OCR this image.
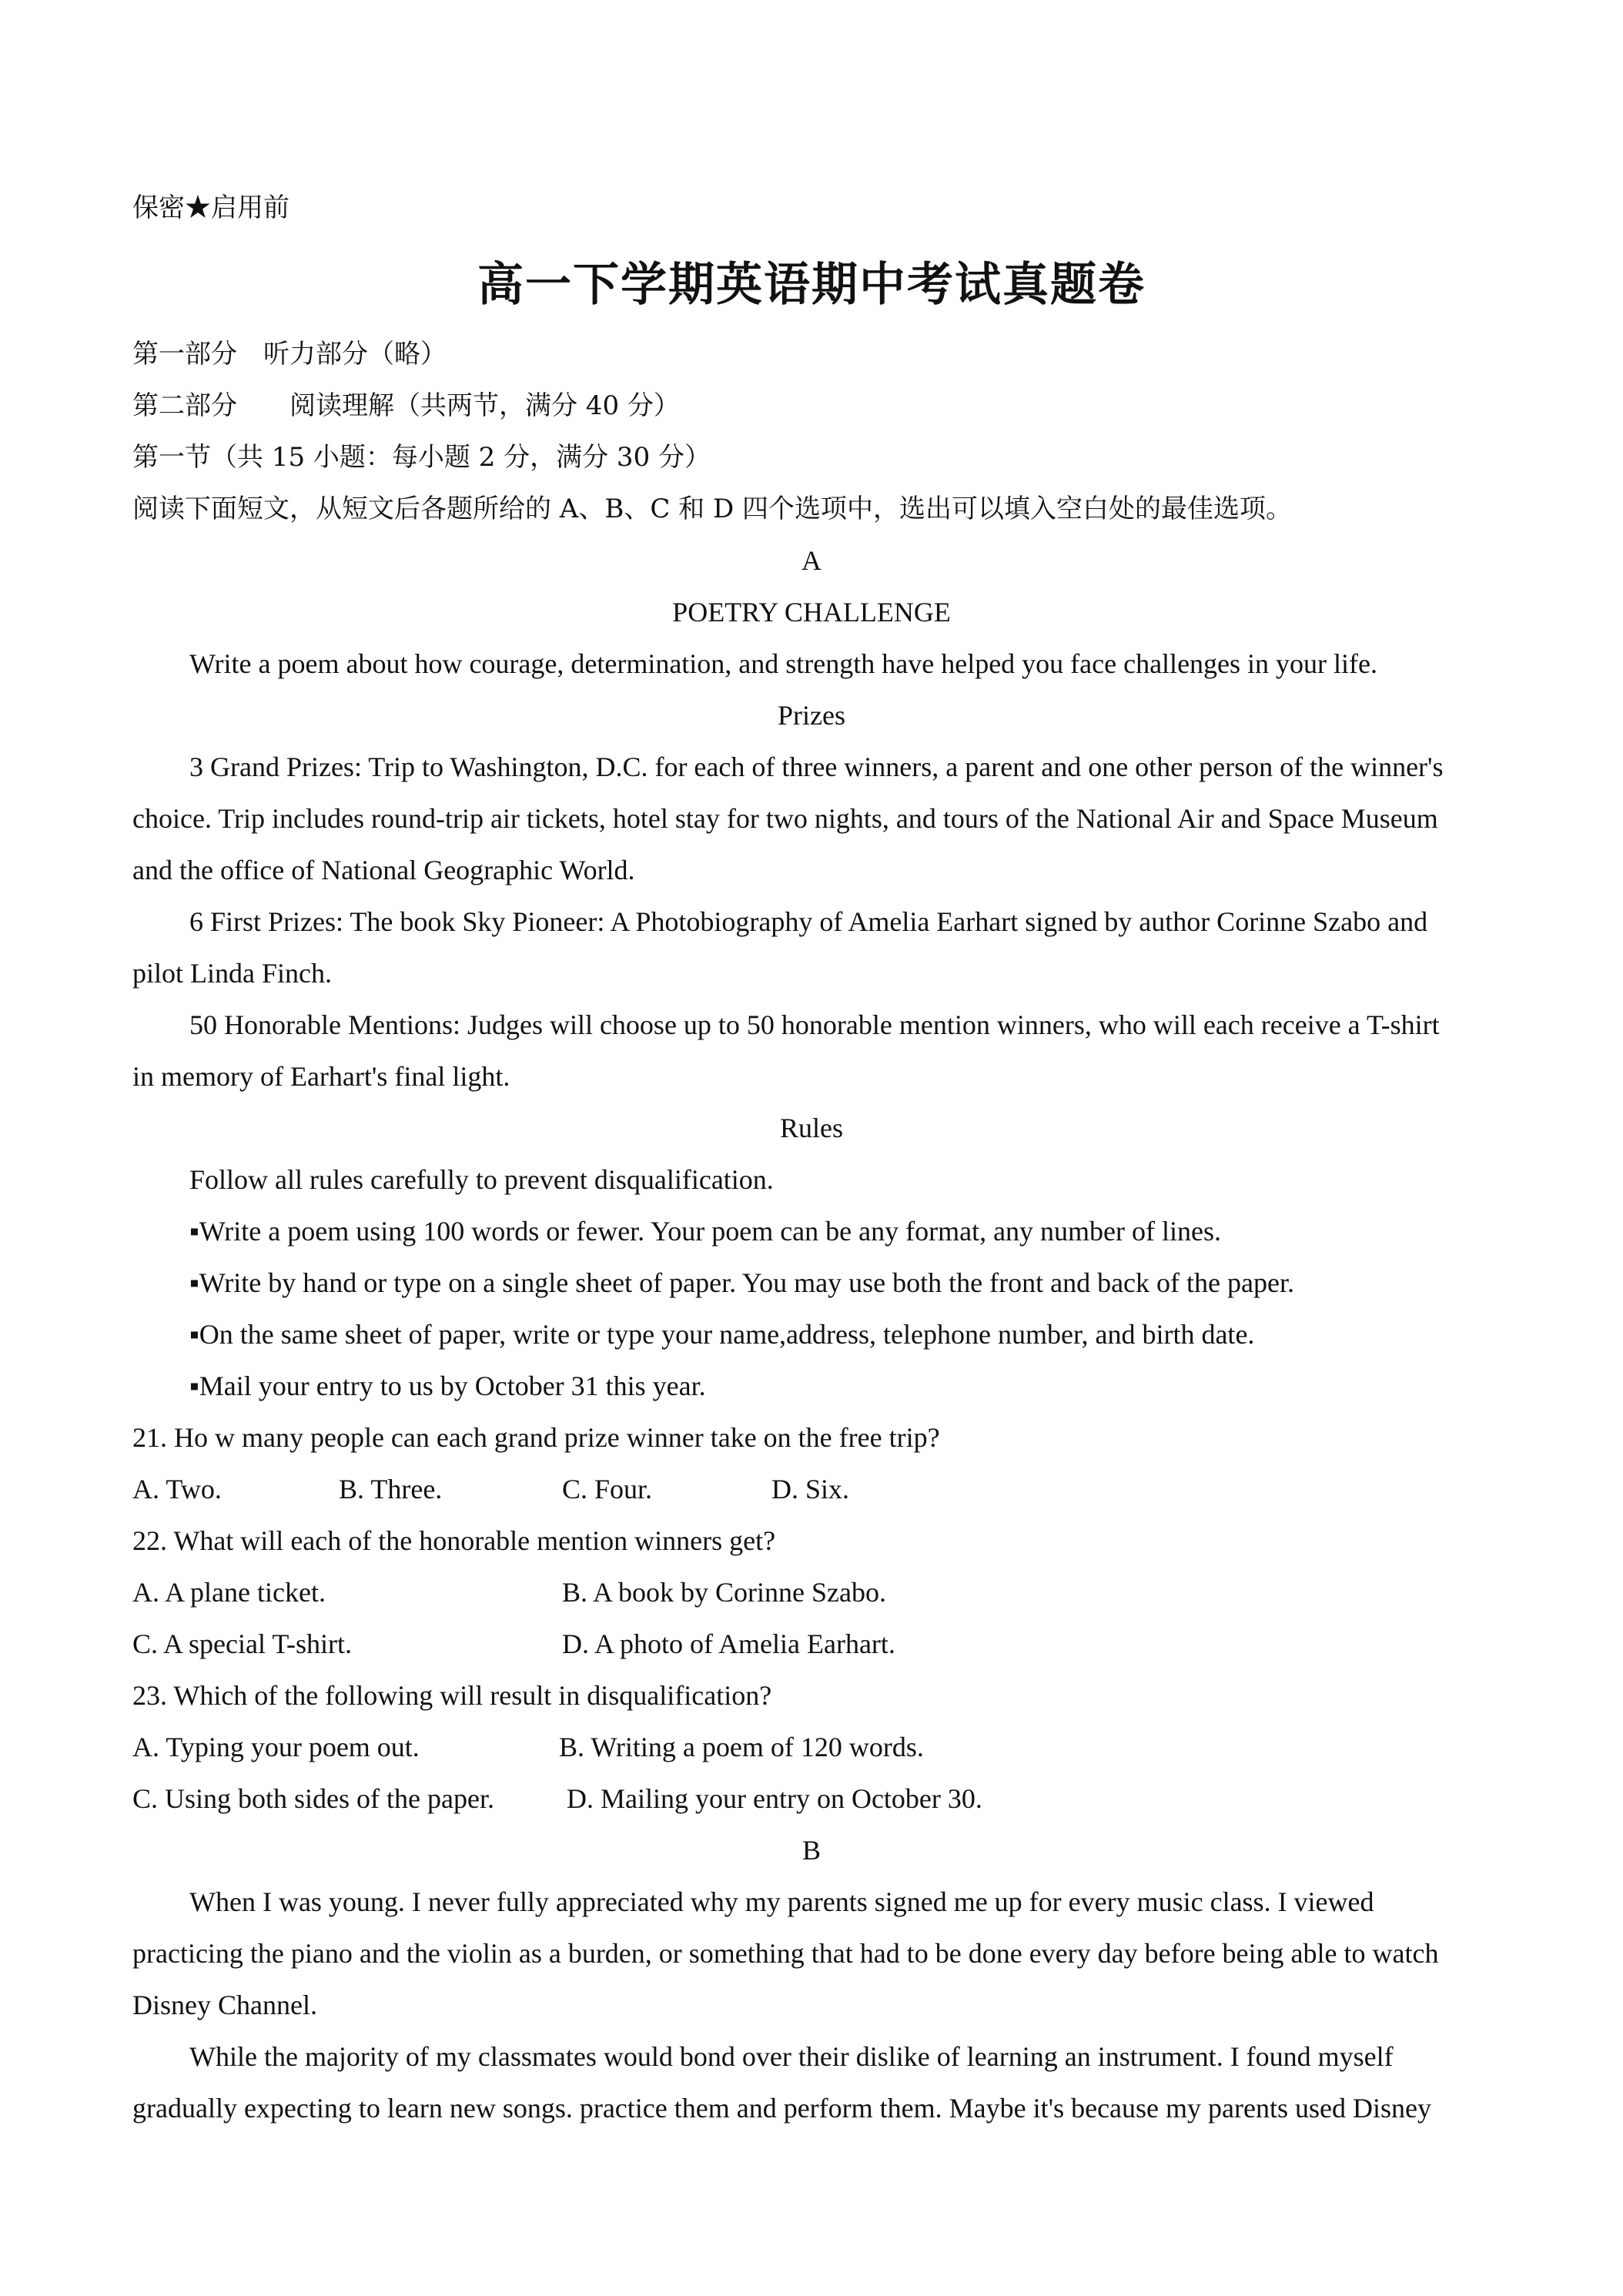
保密★启用前
高一下学期英语期中考试真题卷
第一部分　听力部分（略）
第二部分　　阅读理解（共两节，满分 40 分）
第一节（共 15 小题：每小题 2 分，满分 30 分）
阅读下面短文，从短文后各题所给的 A、B、C 和 D 四个选项中，选出可以填入空白处的最佳选项。
A
POETRY CHALLENGE
Write a poem about how courage, determination, and strength have helped you face challenges in your life.
Prizes
3 Grand Prizes: Trip to Washington, D.C. for each of three winners, a parent and one other person of the winner's
choice. Trip includes round-trip air tickets, hotel stay for two nights, and tours of the National Air and Space Museum
and the office of National Geographic World.
6 First Prizes: The book Sky Pioneer: A Photobiography of Amelia Earhart signed by author Corinne Szabo and
pilot Linda Finch.
50 Honorable Mentions: Judges will choose up to 50 honorable mention winners, who will each receive a T-shirt
in memory of Earhart's final light.
Rules
Follow all rules carefully to prevent disqualification.
▪Write a poem using 100 words or fewer. Your poem can be any format, any number of lines.
▪Write by hand or type on a single sheet of paper. You may use both the front and back of the paper.
▪On the same sheet of paper, write or type your name,address, telephone number, and birth date.
▪Mail your entry to us by October 31 this year.
21. Ho w many people can each grand prize winner take on the free trip?
A. Two.	B. Three.	C. Four.	D. Six.
22. What will each of the honorable mention winners get?
A. A plane ticket.	B. A book by Corinne Szabo.
C. A special T-shirt.	D. A photo of Amelia Earhart.
23. Which of the following will result in disqualification?
A. Typing your poem out.	B. Writing a poem of 120 words.
C. Using both sides of the paper.	D. Mailing your entry on October 30.
B
When I was young. I never fully appreciated why my parents signed me up for every music class. I viewed
practicing the piano and the violin as a burden, or something that had to be done every day before being able to watch
Disney Channel.
While the majority of my classmates would bond over their dislike of learning an instrument. I found myself
gradually expecting to learn new songs. practice them and perform them. Maybe it's because my parents used Disney
